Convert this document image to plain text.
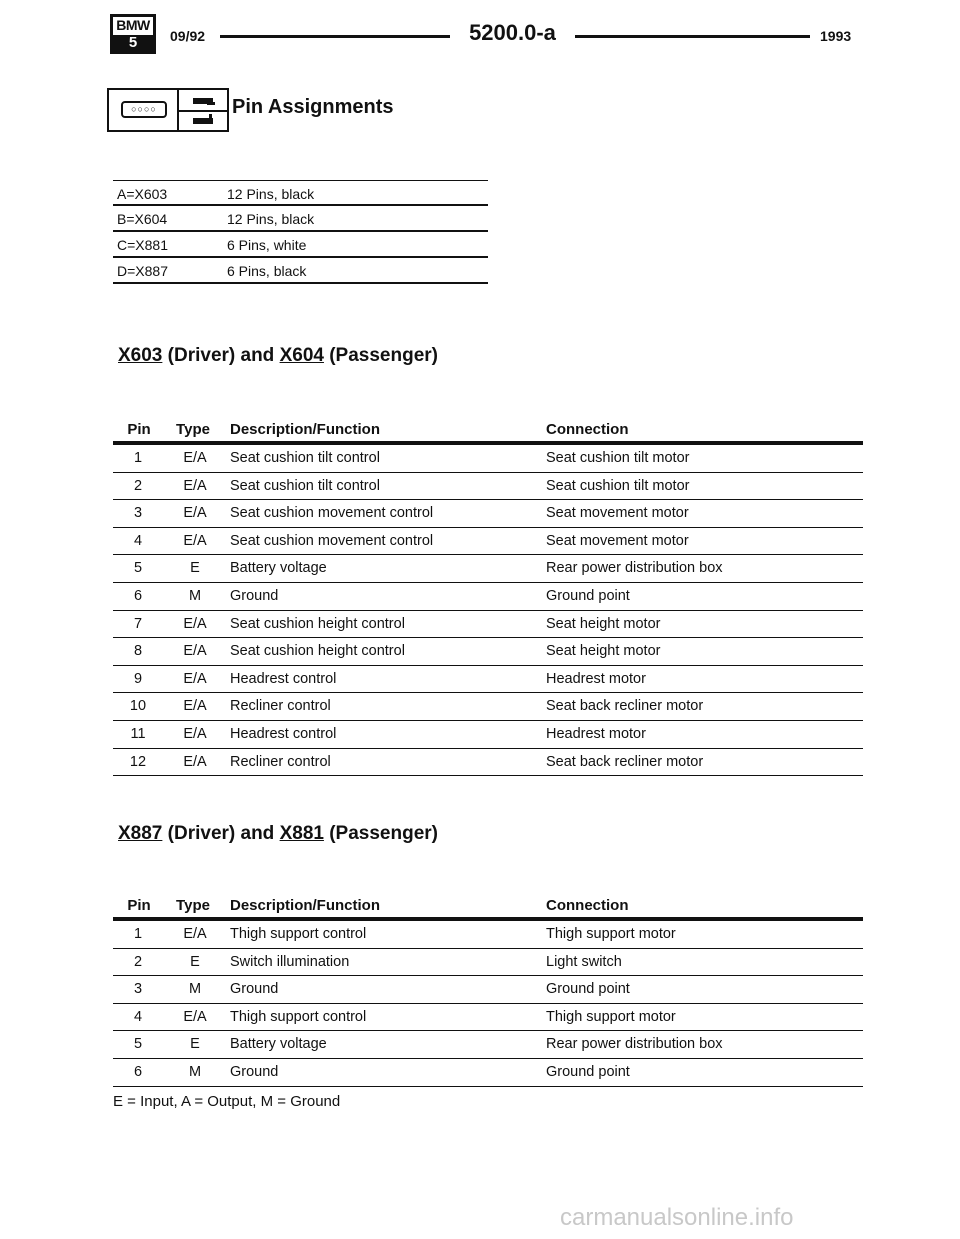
BMW
5	09/92	5200.0-a	1993
○○○○	Pin Assignments
A=X603	12 Pins, black
B=X604	12 Pins, black
C=X881	6 Pins, white
D=X887	6 Pins, black
X603 (Driver) and X604 (Passenger)
Pin	Type	Description/Function	Connection
1	E/A	Seat cushion tilt control	Seat cushion tilt motor
2	E/A	Seat cushion tilt control	Seat cushion tilt motor
3	E/A	Seat cushion movement control	Seat movement motor
4	E/A	Seat cushion movement control	Seat movement motor
5	E	Battery voltage	Rear power distribution box
6	M	Ground	Ground point
7	E/A	Seat cushion height control	Seat height motor
8	E/A	Seat cushion height control	Seat height motor
9	E/A	Headrest control	Headrest motor
10	E/A	Recliner control	Seat back recliner motor
11	E/A	Headrest control	Headrest motor
12	E/A	Recliner control	Seat back recliner motor
X887 (Driver) and X881 (Passenger)
Pin	Type	Description/Function	Connection
1	E/A	Thigh support control	Thigh support motor
2	E	Switch illumination	Light switch
3	M	Ground	Ground point
4	E/A	Thigh support control	Thigh support motor
5	E	Battery voltage	Rear power distribution box
6	M	Ground	Ground point
E = Input, A = Output, M = Ground
carmanualsonline.info
